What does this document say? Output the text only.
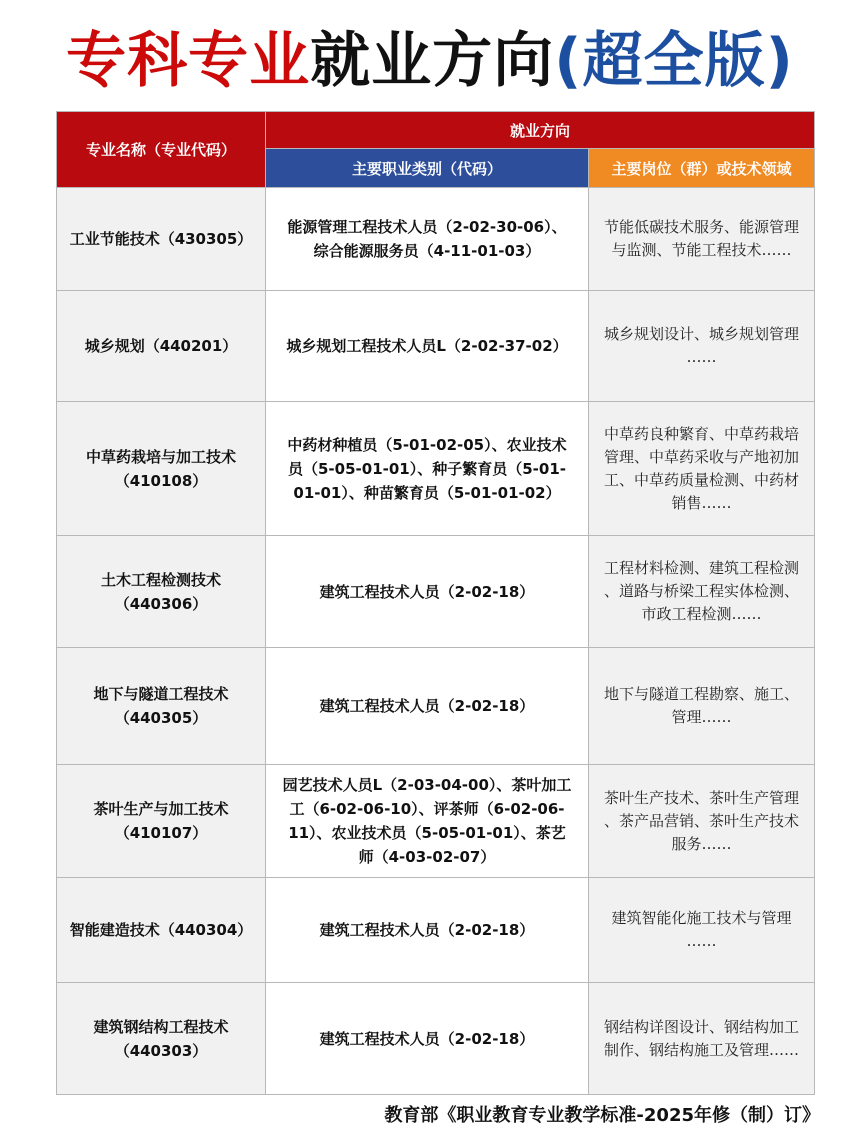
专科专业就业方向(超全版)
专业名称（专业代码）	就业方向	
	主要职业类别（代码）	主要岗位（群）或技术领域

工业节能技术（430305）	能源管理工程技术人员（2-02-30-06）、
综合能源服务员（4-11-01-03）	节能低碳技术服务、能源管理
与监测、节能工程技术……

城乡规划（440201）	城乡规划工程技术人员L（2-02-37-02）	城乡规划设计、城乡规划管理
……

中草药栽培与加工技术
（410108）	中药材种植员（5-01-02-05）、农业技术
员（5-05-01-01）、种子繁育员（5-01-
01-01）、种苗繁育员（5-01-01-02）	中草药良种繁育、中草药栽培
管理、中草药采收与产地初加
工、中草药质量检测、中药材
销售……

土木工程检测技术
（440306）	建筑工程技术人员（2-02-18）	工程材料检测、建筑工程检测
、道路与桥梁工程实体检测、
市政工程检测……

地下与隧道工程技术
（440305）	建筑工程技术人员（2-02-18）	地下与隧道工程勘察、施工、
管理……

茶叶生产与加工技术
（410107）	园艺技术人员L（2-03-04-00）、茶叶加工
工（6-02-06-10）、评茶师（6-02-06-
11）、农业技术员（5-05-01-01）、茶艺
师（4-03-02-07）	茶叶生产技术、茶叶生产管理
、茶产品营销、茶叶生产技术
服务……

智能建造技术（440304）	建筑工程技术人员（2-02-18）	建筑智能化施工技术与管理
……

建筑钢结构工程技术
（440303）	建筑工程技术人员（2-02-18）	钢结构详图设计、钢结构加工
制作、钢结构施工及管理……
教育部《职业教育专业教学标准-2025年修（制）订》
